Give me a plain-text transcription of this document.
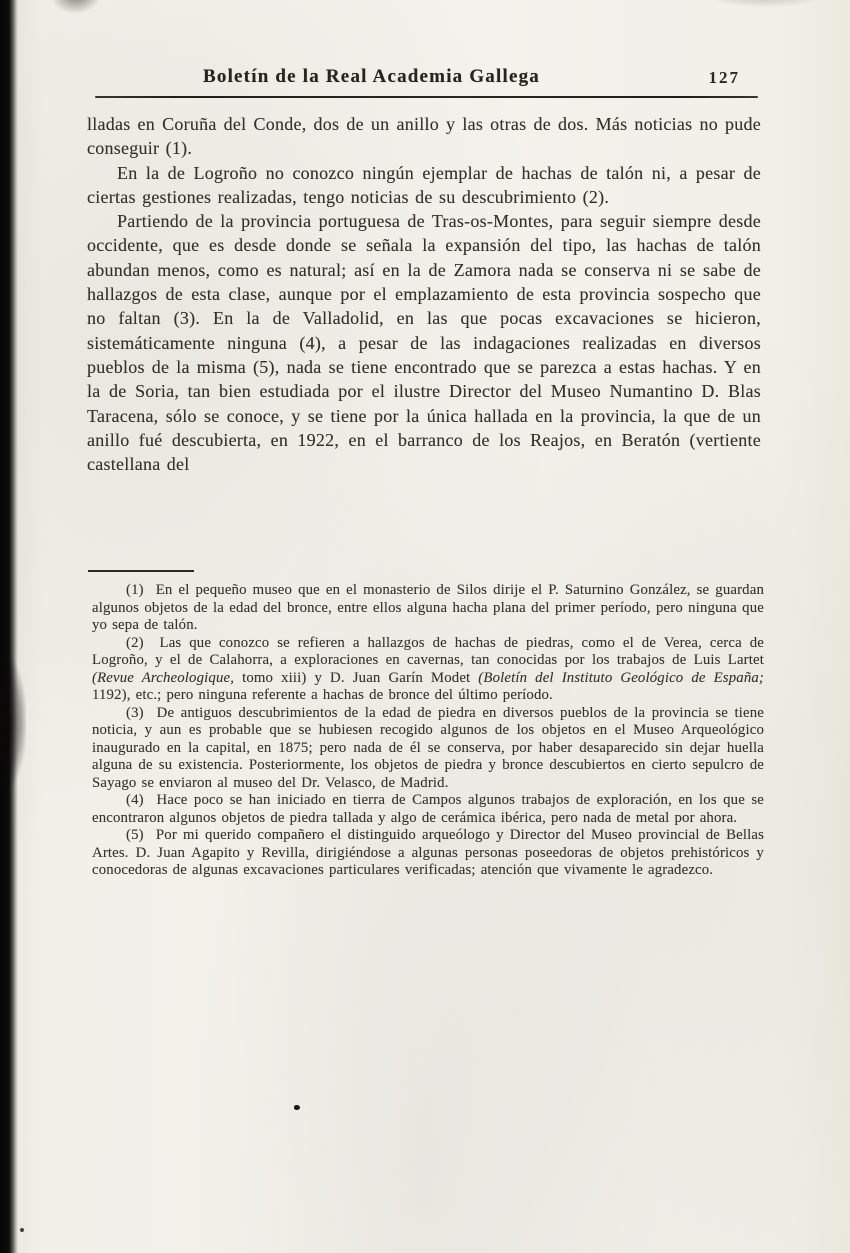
Boletín de la Real Academia Gallega	127

lladas en Coruña del Conde, dos de un anillo y las otras de dos. Más noticias no pude conseguir (1).

En la de Logroño no conozco ningún ejemplar de hachas de talón ni, a pesar de ciertas gestiones realizadas, tengo noticias de su descubrimiento (2).

Partiendo de la provincia portuguesa de Tras-os-Montes, para seguir siempre desde occidente, que es desde donde se señala la expansión del tipo, las hachas de talón abundan menos, como es natural; así en la de Zamora nada se conserva ni se sabe de hallazgos de esta clase, aunque por el emplazamiento de esta provincia sospecho que no faltan (3). En la de Valladolid, en las que pocas excavaciones se hicieron, sistemáticamente ninguna (4), a pesar de las indagaciones realizadas en diversos pueblos de la misma (5), nada se tiene encontrado que se parezca a estas hachas. Y en la de Soria, tan bien estudiada por el ilustre Director del Museo Numantino D. Blas Taracena, sólo se conoce, y se tiene por la única hallada en la provincia, la que de un anillo fué descubierta, en 1922, en el barranco de los Reajos, en Beratón (vertiente castellana del

(1)  En el pequeño museo que en el monasterio de Silos dirije el P. Saturnino González, se guardan algunos objetos de la edad del bronce, entre ellos alguna hacha plana del primer período, pero ninguna que yo sepa de talón.

(2)  Las que conozco se refieren a hallazgos de hachas de piedras, como el de Verea, cerca de Logroño, y el de Calahorra, a exploraciones en cavernas, tan conocidas por los trabajos de Luis Lartet (Revue Archeologique, tomo xiii) y D. Juan Garín Modet (Boletín del Instituto Geológico de España; 1192), etc.; pero ninguna referente a hachas de bronce del último período.

(3)  De antiguos descubrimientos de la edad de piedra en diversos pueblos de la provincia se tiene noticia, y aun es probable que se hubiesen recogido algunos de los objetos en el Museo Arqueológico inaugurado en la capital, en 1875; pero nada de él se conserva, por haber desaparecido sin dejar huella alguna de su existencia. Posteriormente, los objetos de piedra y bronce descubiertos en cierto sepulcro de Sayago se enviaron al museo del Dr. Velasco, de Madrid.

(4)  Hace poco se han iniciado en tierra de Campos algunos trabajos de exploración, en los que se encontraron algunos objetos de piedra tallada y algo de cerámica ibérica, pero nada de metal por ahora.

(5)  Por mi querido compañero el distinguido arqueólogo y Director del Museo provincial de Bellas Artes. D. Juan Agapito y Revilla, dirigiéndose a algunas personas poseedoras de objetos prehistóricos y conocedoras de algunas excavaciones particulares verificadas; atención que vivamente le agradezco.
